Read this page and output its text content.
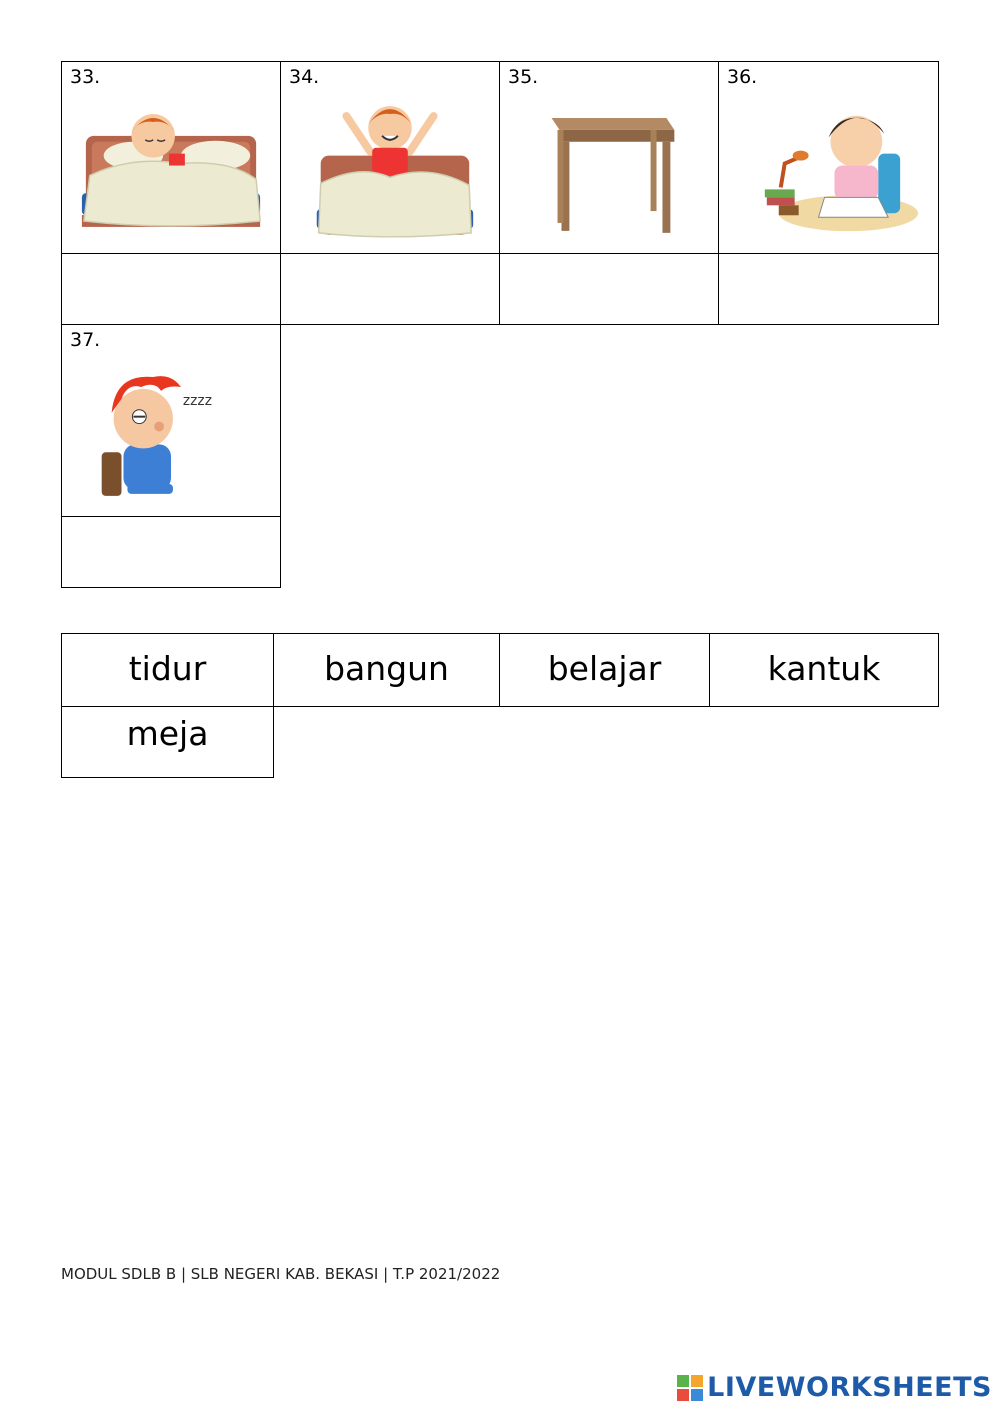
33.	34.	35.	36.
37.
zzzz
tidur	bangun	belajar	kantuk
meja
MODUL SDLB B | SLB NEGERI KAB. BEKASI | T.P 2021/2022
LIVEWORKSHEETS
